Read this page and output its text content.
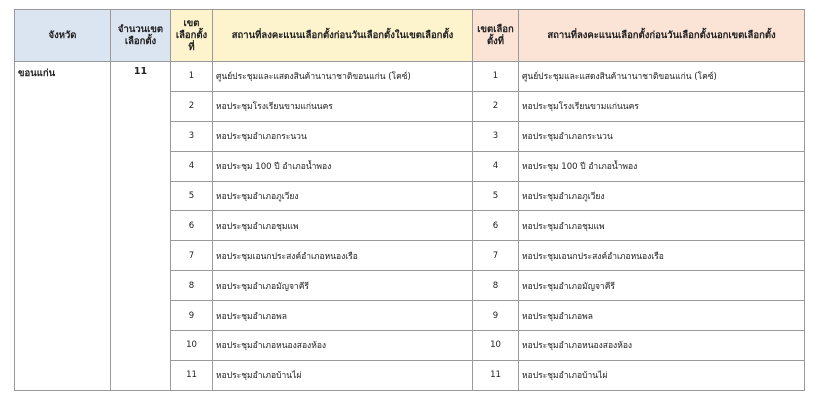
จังหวัด	จำนวนเขตเลือกตั้ง	เขตเลือกตั้งที่	สถานที่ลงคะแนนเลือกตั้งก่อนวันเลือกตั้งในเขตเลือกตั้ง	เขตเลือกตั้งที่	สถานที่ลงคะแนนเลือกตั้งก่อนวันเลือกตั้งนอกเขตเลือกตั้ง
ขอนแก่น	11	1	ศูนย์ประชุมและแสดงสินค้านานาชาติขอนแก่น (โคซ์)	1	ศูนย์ประชุมและแสดงสินค้านานาชาติขอนแก่น (โคซ์)
		2	หอประชุมโรงเรียนขามแก่นนคร	2	หอประชุมโรงเรียนขามแก่นนคร
		3	หอประชุมอำเภอกระนวน	3	หอประชุมอำเภอกระนวน
		4	หอประชุม 100 ปี อำเภอน้ำพอง	4	หอประชุม 100 ปี อำเภอน้ำพอง
		5	หอประชุมอำเภอภูเวียง	5	หอประชุมอำเภอภูเวียง
		6	หอประชุมอำเภอชุมแพ	6	หอประชุมอำเภอชุมแพ
		7	หอประชุมเอนกประสงค์อำเภอหนองเรือ	7	หอประชุมเอนกประสงค์อำเภอหนองเรือ
		8	หอประชุมอำเภอมัญจาคีรี	8	หอประชุมอำเภอมัญจาคีรี
		9	หอประชุมอำเภอพล	9	หอประชุมอำเภอพล
		10	หอประชุมอำเภอหนองสองห้อง	10	หอประชุมอำเภอหนองสองห้อง
		11	หอประชุมอำเภอบ้านไผ่	11	หอประชุมอำเภอบ้านไผ่
